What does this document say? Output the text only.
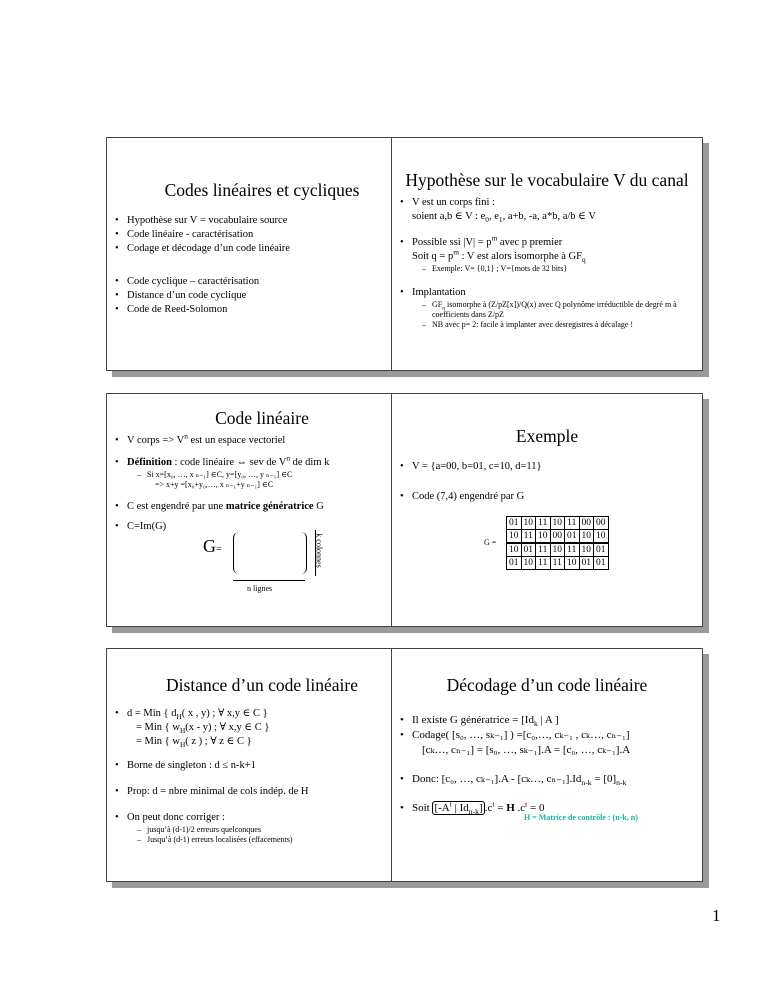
Codes linéaires et cycliques
• Hypothèse sur V = vocabulaire source
• Code linéaire - caractérisation
• Codage et décodage d’un code linéaire
• Code cyclique – caractérisation
• Distance d’un code cyclique
• Code de Reed-Solomon
Hypothèse sur le vocabulaire V du canal
• V est un corps fini :
soient a,b ∈ V : $e_0$, $e_1$, a+b, -a, a*b, a/b ∈ V
• Possible ssi $|V| = p^m$ avec p premier
Soit $q = p^m$ : V est alors isomorphe à $GF_q$
– Exemple: V= {0,1} ; V={mots de 32 bits}
• Implantation
– $GF_q$ isomorphe à (Z/pZ[x])/Q(x) avec Q polynôme irréductible de degré m à coefficients dans Z/pZ
– NB avec p= 2: facile à implanter avec desregistres à décalage !
Code linéaire
• V corps => $V^n$ est un espace vectoriel
• Définition : code linéaire ⇔ sev de $V^n$ de dim k
– Si x=[x₀, …, x ₙ₋₁] ∈C, y=[y₀, …, y ₙ₋₁] ∈C
=> x+y =[x₀+y₀,…, x ₙ₋₁+y ₙ₋₁] ∈C
• C est engendré par une matrice génératrice G
• C=Im(G)
G=	k colonnes
n lignes
Exemple
• V = {a=00, b=01, c=10, d=11}
• Code (7,4) engendré par G
G =
01	10	11	10	11	00	00
10	11	10	00	01	10	10
10	01	11	10	11	10	01
01	10	11	11	10	01	01
Distance d’un code linéaire
• d = Min { $d_H$( x , y) ; ∀ x,y ∈ C }
= Min { $w_H(x - y)$ ; ∀ x,y ∈ C }
= Min { $w_H$( z ) ; ∀ z ∈ C }
• Borne de singleton : d ≤ n-k+1
• Prop: d = nbre minimal de cols indép. de H
• On peut donc corriger :
– jusqu’à (d-1)/2 erreurs quelconques
– Jusqu’à (d-1) erreurs localisées (effacements)
Décodage d’un code linéaire
• Il existe G génératrice = [$Id_k$ | A ]
• Codage( [s₀, …, sₖ₋₁] ) =[c₀,…, cₖ₋₁ , cₖ…, cₙ₋₁]
[cₖ…, cₙ₋₁] = [s₀, …, sₖ₋₁].A = [c₀, …, cₖ₋₁].A
• Donc: [c₀, …, cₖ₋₁].A - [cₖ…, $c_{n-1}].Id_{n-k} = [0]_{n-k}$
• Soit [$-A^t$ | $Id_{n-k}$] $.c^t = H$ $.c^t = 0$
H = Matrice de contrôle : (n-k, n)
1
